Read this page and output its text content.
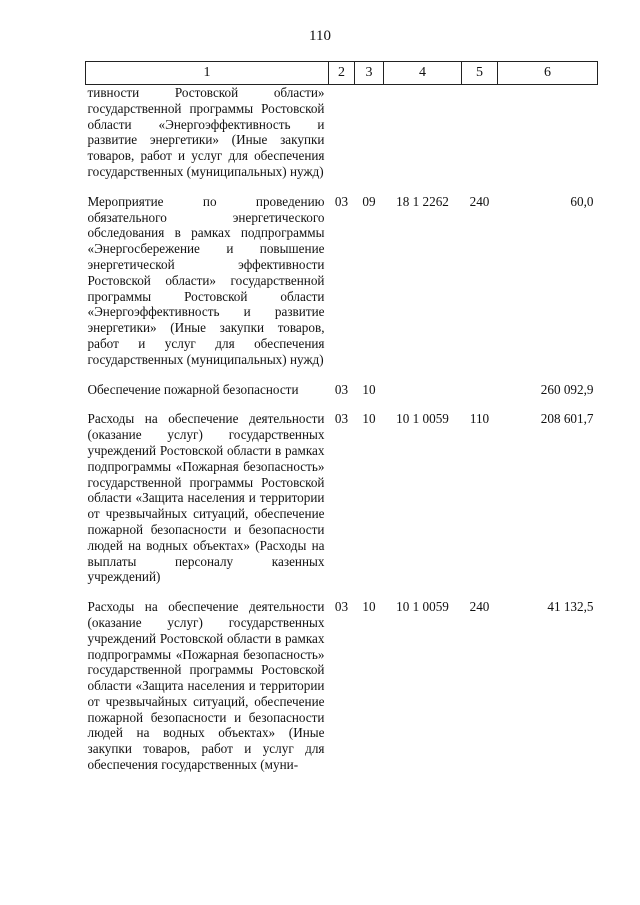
110
1	2	3	4	5	6
тивности Ростовской области» государственной программы Ростовской области «Энергоэффективность и развитие энергетики» (Иные закупки товаров, работ и услуг для обеспечения государственных (муниципальных) нужд)					
Мероприятие по проведению обязательного энергетического обследования в рамках подпрограммы «Энергосбережение и повышение энергетической эффективности Ростовской области» государственной программы Ростовской области «Энергоэффективность и развитие энергетики» (Иные закупки товаров, работ и услуг для обеспечения государственных (муниципальных) нужд)	03	09	18 1 2262	240	60,0
Обеспечение пожарной безопасности	03	10			260 092,9
Расходы на обеспечение деятельности (оказание услуг) государственных учреждений Ростовской области в рамках подпрограммы «Пожарная безопасность» государственной программы Ростовской области «Защита населения и территории от чрезвычайных ситуаций, обеспечение пожарной безопасности и безопасности людей на водных объектах» (Расходы на выплаты персоналу казенных учреждений)	03	10	10 1 0059	110	208 601,7
Расходы на обеспечение деятельности (оказание услуг) государственных учреждений Ростовской области в рамках подпрограммы «Пожарная безопасность» государственной программы Ростовской области «Защита населения и территории от чрезвычайных ситуаций, обеспечение пожарной безопасности и безопасности людей на водных объектах» (Иные закупки товаров, работ и услуг для обеспечения государственных (муни-	03	10	10 1 0059	240	41 132,5
